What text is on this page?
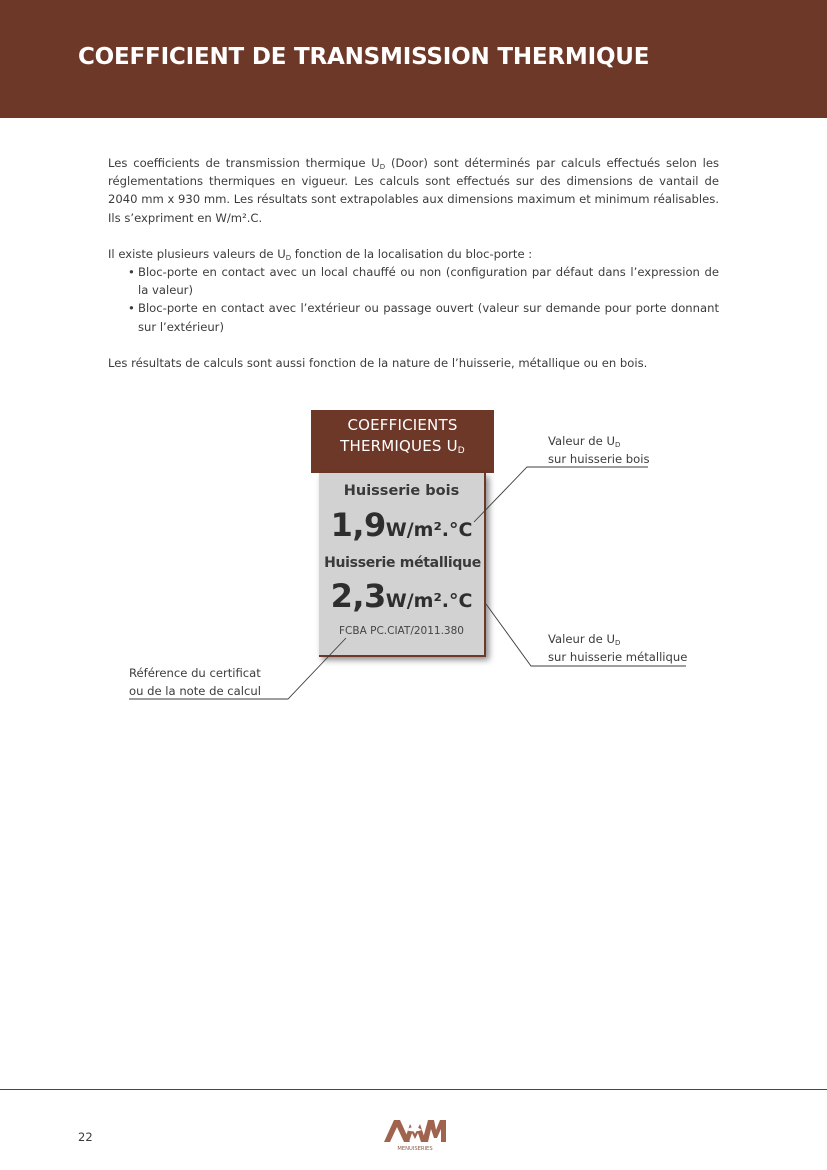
COEFFICIENT DE TRANSMISSION THERMIQUE

Les coefficients de transmission thermique $U_D$ (Door) sont déterminés par calculs effectués selon les réglementations thermiques en vigueur. Les calculs sont effectués sur des dimensions de vantail de 2040 mm x 930 mm. Les résultats sont extrapolables aux dimensions maximum et minimum réalisables. Ils s’expriment en W/m².C.

Il existe plusieurs valeurs de $U_D$ fonction de la localisation du bloc-porte :

• Bloc-porte en contact avec un local chauffé ou non (configuration par défaut dans l’expression de la valeur)
• Bloc-porte en contact avec l’extérieur ou passage ouvert (valeur sur demande pour porte donnant sur l’extérieur)

Les résultats de calculs sont aussi fonction de la nature de l’huisserie, métallique ou en bois.

COEFFICIENTS
THERMIQUES $U_D$
Huisserie bois
1,9W/m².°C
Huisserie métallique
2,3W/m².°C
FCBA PC.CIAT/2011.380
Valeur de $U_D$
sur huisserie bois
Valeur de $U_D$
sur huisserie métallique
Référence du certificat
ou de la note de calcul
22
MENUISERIES
